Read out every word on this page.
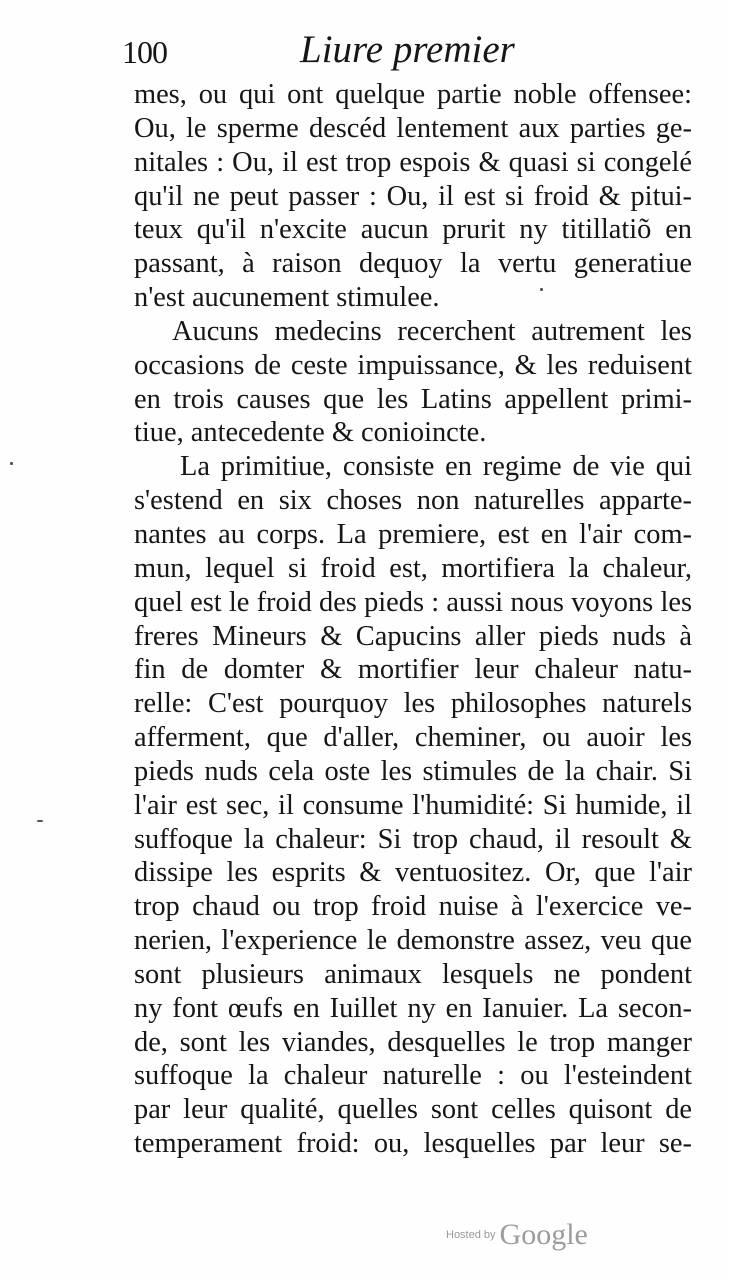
100	Liure premier
mes, ou qui ont quelque partie noble offensee:
Ou, le sperme descéd lentement aux parties ge-
nitales : Ou, il est trop espois & quasi si congelé
qu'il ne peut passer : Ou, il est si froid & pitui-
teux qu'il n'excite aucun prurit ny titillatiõ en
passant, à raison dequoy la vertu generatiue
n'est aucunement stimulee.
Aucuns medecins recerchent autrement les
occasions de ceste impuissance, & les reduisent
en trois causes que les Latins appellent primi-
tiue, antecedente & conioincte.
La primitiue, consiste en regime de vie qui
s'estend en six choses non naturelles apparte-
nantes au corps. La premiere, est en l'air com-
mun, lequel si froid est, mortifiera la chaleur,
quel est le froid des pieds : aussi nous voyons les
freres Mineurs & Capucins aller pieds nuds à
fin de domter & mortifier leur chaleur natu-
relle: C'est pourquoy les philosophes naturels
afferment, que d'aller, cheminer, ou auoir les
pieds nuds cela oste les stimules de la chair. Si
l'air est sec, il consume l'humidité: Si humide, il
suffoque la chaleur: Si trop chaud, il resoult &
dissipe les esprits & ventuositez. Or, que l'air
trop chaud ou trop froid nuise à l'exercice ve-
nerien, l'experience le demonstre assez, veu que
sont plusieurs animaux lesquels ne pondent
ny font œufs en Iuillet ny en Ianuier. La secon-
de, sont les viandes, desquelles le trop manger
suffoque la chaleur naturelle : ou l'esteindent
par leur qualité, quelles sont celles quisont de
temperament froid: ou, lesquelles par leur se-
Hosted by Google
